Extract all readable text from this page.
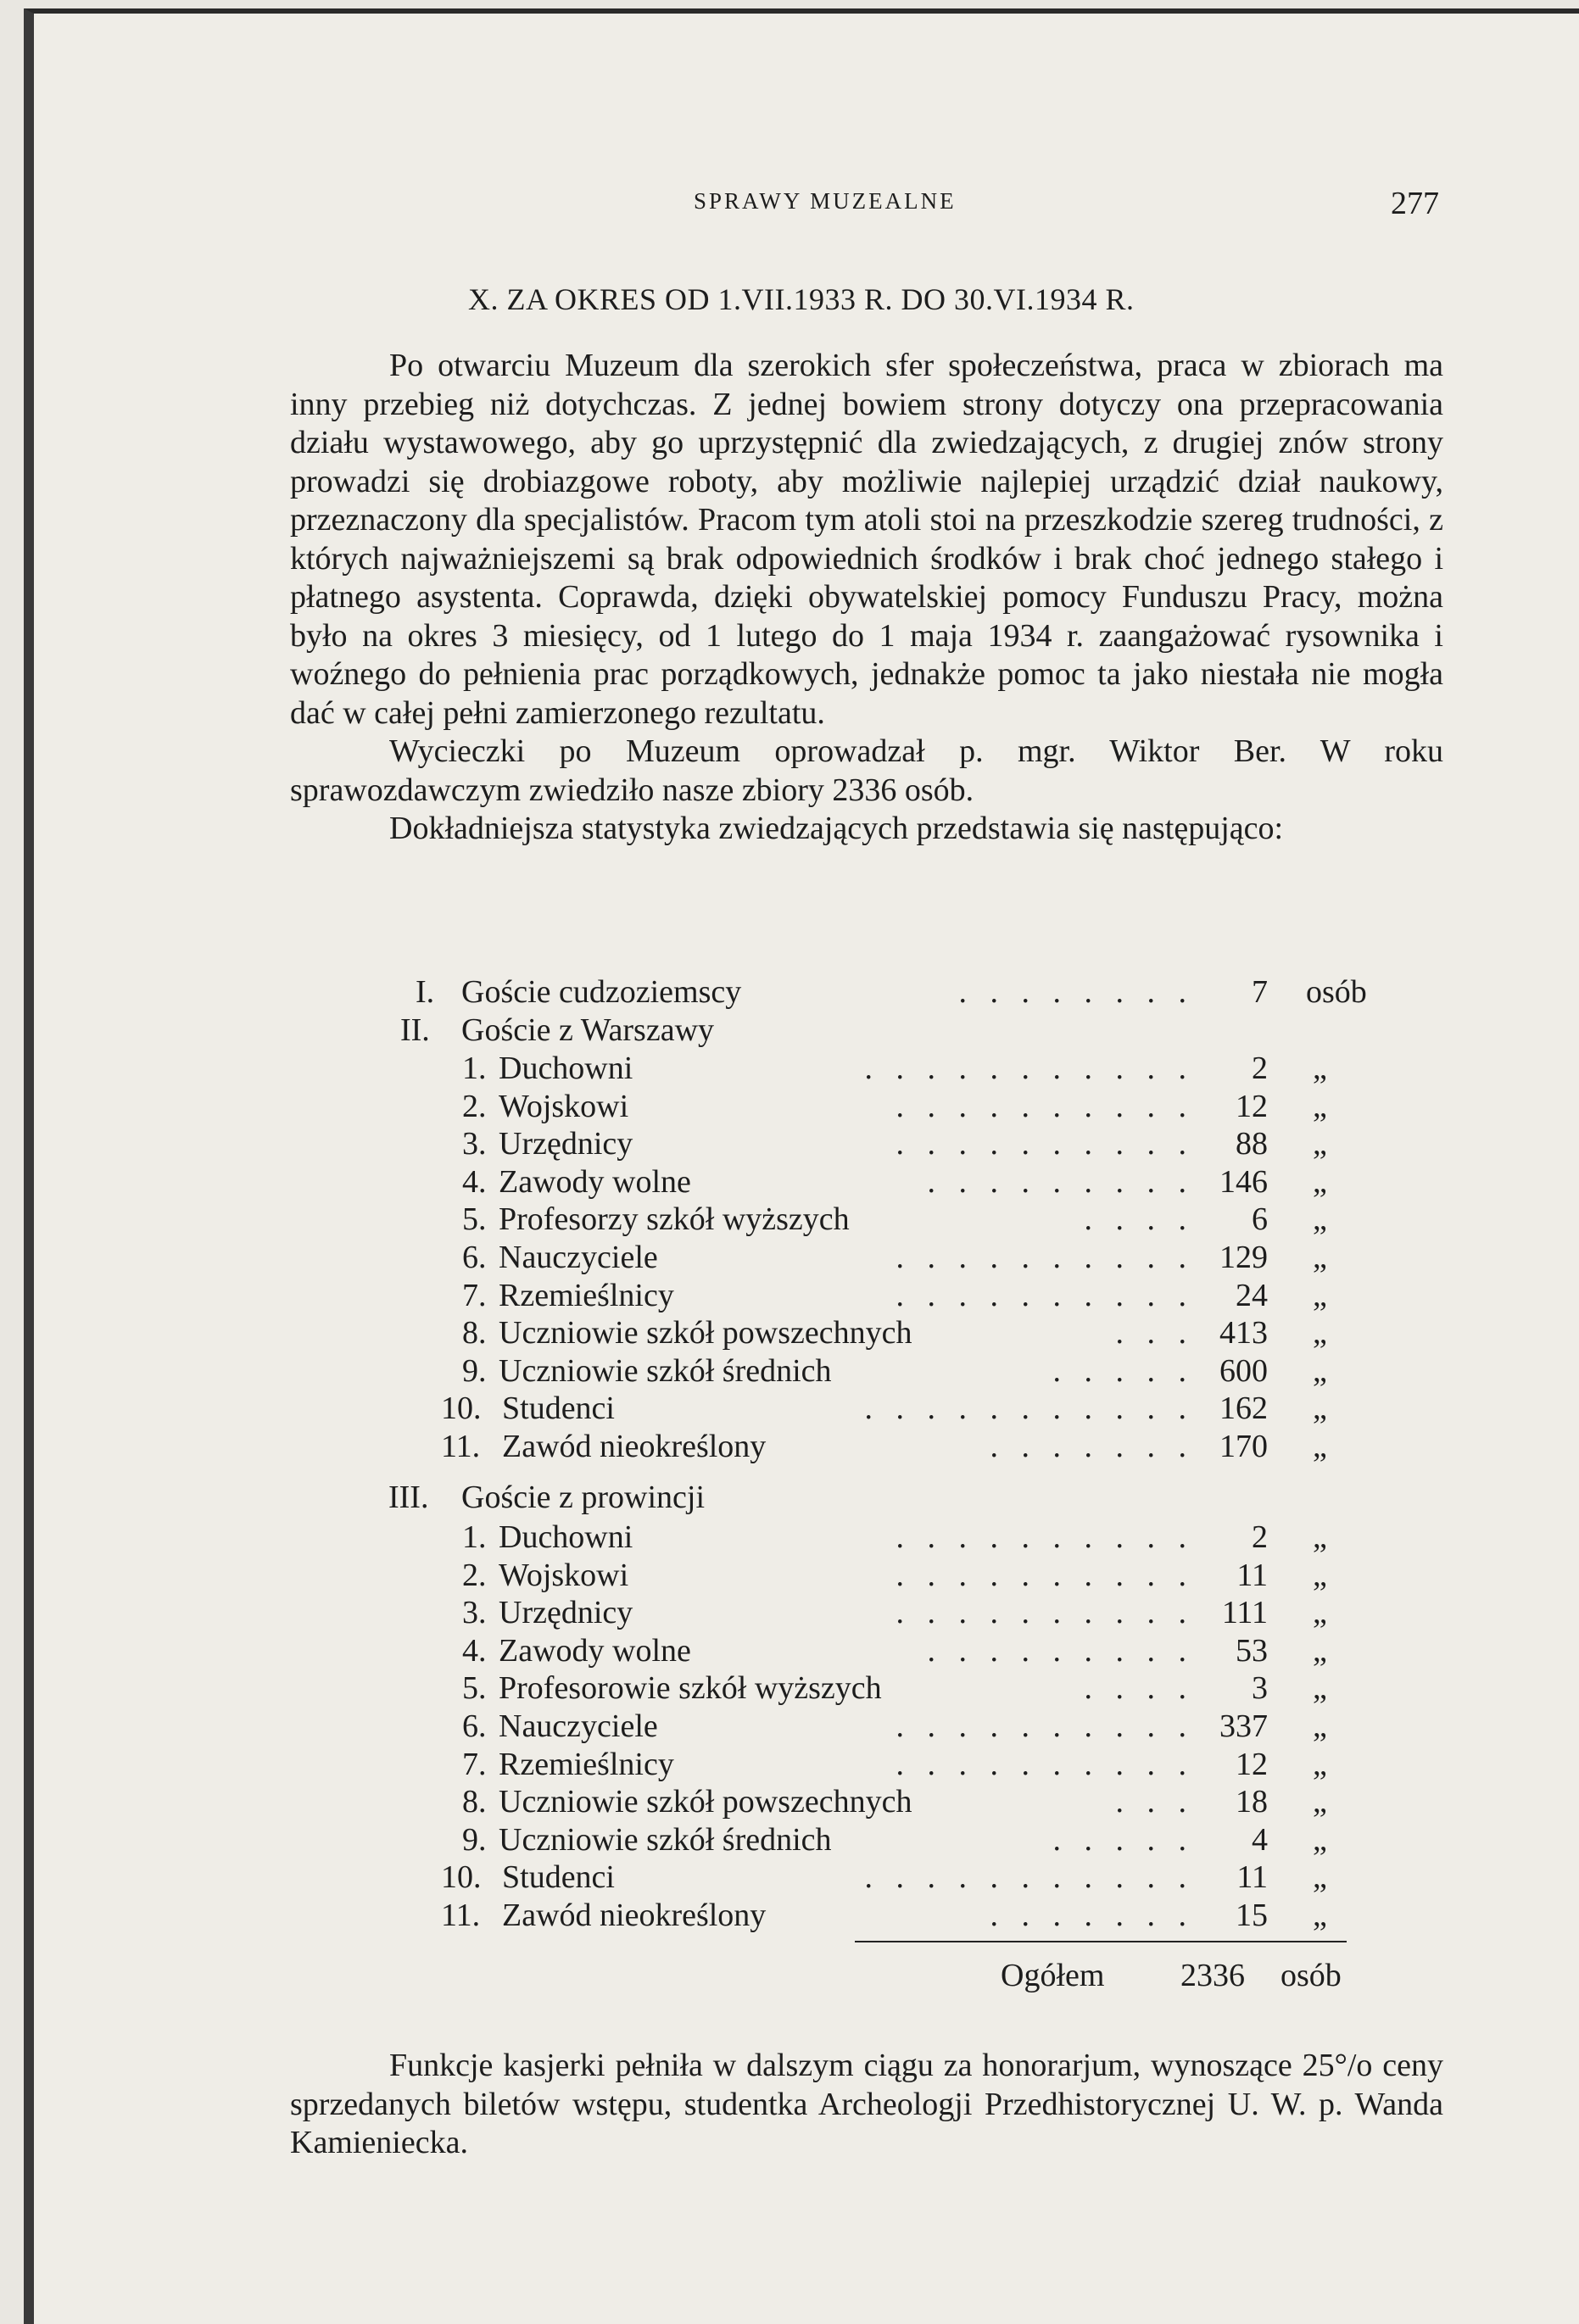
SPRAWY MUZEALNE	277
X. ZA OKRES OD 1.VII.1933 R. DO 30.VI.1934 R.

Po otwarciu Muzeum dla szerokich sfer społeczeństwa, praca w zbiorach ma inny przebieg niż dotychczas. Z jednej bowiem strony dotyczy ona przepracowania działu wystawowego, aby go uprzystępnić dla zwiedzających, z drugiej znów strony prowadzi się drobiazgowe roboty, aby możliwie najlepiej urządzić dział naukowy, przeznaczony dla specjalistów. Pracom tym atoli stoi na przeszkodzie szereg trudności, z których najważniejszemi są brak odpowiednich środków i brak choć jednego stałego i płatnego asystenta. Coprawda, dzięki obywatelskiej pomocy Funduszu Pracy, można było na okres 3 miesięcy, od 1 lutego do 1 maja 1934 r. zaangażować rysownika i woźnego do pełnienia prac porządkowych, jednakże pomoc ta jako niestała nie mogła dać w całej pełni zamierzonego rezultatu.

Wycieczki po Muzeum oprowadzał p. mgr. Wiktor Ber. W roku sprawozdawczym zwiedziło nasze zbiory 2336 osób.

Dokładniejsza statystyka zwiedzających przedstawia się następująco:

I. Goście cudzoziemscy	. . . . . . . . 7 osób
II. Goście z Warszawy
1. Duchowni	. . . . . . . . . . . 2 „
2. Wojskowi	. . . . . . . . . . 12 „
3. Urzędnicy	. . . . . . . . . . 88 „
4. Zawody wolne	. . . . . . . . . 146 „
5. Profesorzy szkół wyższych	. . . . 6 „
6. Nauczyciele	. . . . . . . . . . 129 „
7. Rzemieślnicy	. . . . . . . . . . 24 „
8. Uczniowie szkół powszechnych	. . . 413 „
9. Uczniowie szkół średnich	. . . . . 600 „
10. Studenci	. . . . . . . . . . . 162 „
11. Zawód nieokreślony	. . . . . . . 170 „
III. Goście z prowincji
1. Duchowni	. . . . . . . . . . 2 „
2. Wojskowi	. . . . . . . . . . 11 „
3. Urzędnicy	. . . . . . . . . . 111 „
4. Zawody wolne	. . . . . . . . . 53 „
5. Profesorowie szkół wyższych	. . . . 3 „
6. Nauczyciele	. . . . . . . . . . 337 „
7. Rzemieślnicy	. . . . . . . . . . 12 „
8. Uczniowie szkół powszechnych	. . . 18 „
9. Uczniowie szkół średnich	. . . . . 4 „
10. Studenci	. . . . . . . . . . . 11 „
11. Zawód nieokreślony	. . . . . . . 15 „
Ogółem 2336 osób

Funkcje kasjerki pełniła w dalszym ciągu za honorarjum, wynoszące 25°/o ceny sprzedanych biletów wstępu, studentka Archeologji Przedhistorycznej U. W. p. Wanda Kamieniecka.
